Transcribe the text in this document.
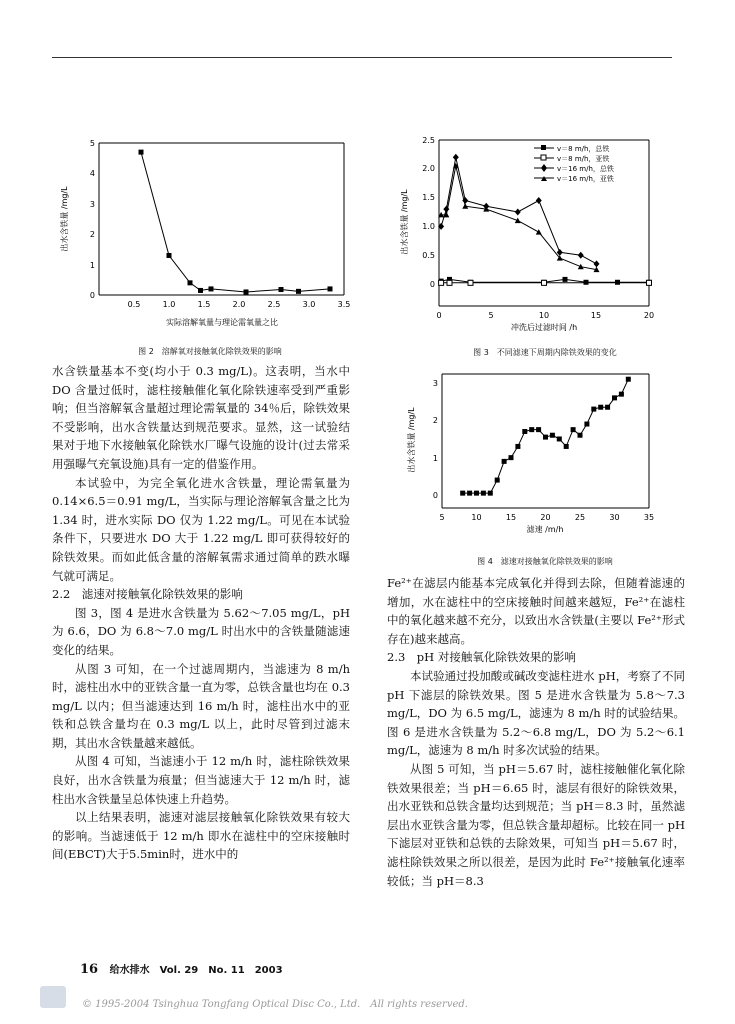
0.5	1.0	1.5	2.0	2.5	3.0	3.5
0
1
2
3
4
5
实际溶解氧量与理论需氧量之比
出水含铁量 /mg/L
图 2　溶解氧对接触氧化除铁效果的影响
0	5	10	15	20
0
0.5
1.0
1.5
2.0
2.5
v＝8 m/h，总铁
v＝8 m/h，亚铁
v＝16 m/h，总铁
v＝16 m/h，亚铁
冲洗后过滤时间 /h
出水含铁量 /mg/L
图 3　不同滤速下周期内除铁效果的变化
5	10	15	20	25	30	35
0
1
2
3
滤速 /m/h
出水含铁量 /mg/L
图 4　滤速对接触氧化除铁效果的影响

水含铁量基本不变(均小于 0.3 mg/L)。这表明，当水中 DO 含量过低时，滤柱接触催化氧化除铁速率受到严重影响；但当溶解氧含量超过理论需氧量的 34％后，除铁效果不受影响，出水含铁量达到规范要求。显然，这一试验结果对于地下水接触氧化除铁水厂曝气设施的设计(过去常采用强曝气充氧设施)具有一定的借鉴作用。

本试验中，为完全氧化进水含铁量，理论需氧量为 0.14×6.5＝0.91 mg/L，当实际与理论溶解氧含量之比为 1.34 时，进水实际 DO 仅为 1.22 mg/L。可见在本试验条件下，只要进水 DO 大于 1.22 mg/L 即可获得较好的除铁效果。而如此低含量的溶解氧需求通过简单的跌水曝气就可满足。

2.2　滤速对接触氧化除铁效果的影响

图 3，图 4 是进水含铁量为 5.62～7.05 mg/L，pH 为 6.6，DO 为 6.8～7.0 mg/L 时出水中的含铁量随滤速变化的结果。

从图 3 可知，在一个过滤周期内，当滤速为 8 m/h 时，滤柱出水中的亚铁含量一直为零，总铁含量也均在 0.3 mg/L 以内；但当滤速达到 16 m/h 时，滤柱出水中的亚铁和总铁含量均在 0.3 mg/L 以上，此时尽管到过滤末期，其出水含铁量越来越低。

从图 4 可知，当滤速小于 12 m/h 时，滤柱除铁效果良好，出水含铁量为痕量；但当滤速大于 12 m/h 时，滤柱出水含铁量呈总体快速上升趋势。

以上结果表明，滤速对滤层接触氧化除铁效果有较大的影响。当滤速低于 12 m/h 即水在滤柱中的空床接触时间(EBCT)大于5.5min时，进水中的

Fe²⁺在滤层内能基本完成氧化并得到去除，但随着滤速的增加，水在滤柱中的空床接触时间越来越短，Fe²⁺在滤柱中的氧化越来越不充分，以致出水含铁量(主要以 Fe²⁺形式存在)越来越高。

2.3　pH 对接触氧化除铁效果的影响

本试验通过投加酸或碱改变滤柱进水 pH，考察了不同 pH 下滤层的除铁效果。图 5 是进水含铁量为 5.8～7.3 mg/L，DO 为 6.5 mg/L，滤速为 8 m/h 时的试验结果。图 6 是进水含铁量为 5.2～6.8 mg/L，DO 为 5.2～6.1 mg/L，滤速为 8 m/h 时多次试验的结果。

从图 5 可知，当 pH＝5.67 时，滤柱接触催化氧化除铁效果很差；当 pH＝6.65 时，滤层有很好的除铁效果，出水亚铁和总铁含量均达到规范；当 pH＝8.3 时，虽然滤层出水亚铁含量为零，但总铁含量却超标。比较在同一 pH 下滤层对亚铁和总铁的去除效果，可知当 pH＝5.67 时，滤柱除铁效果之所以很差，是因为此时 Fe²⁺接触氧化速率较低；当 pH＝8.3

16 给水排水　Vol. 29　No. 11　2003
© 1995-2004 Tsinghua Tongfang Optical Disc Co., Ltd.　All rights reserved.
